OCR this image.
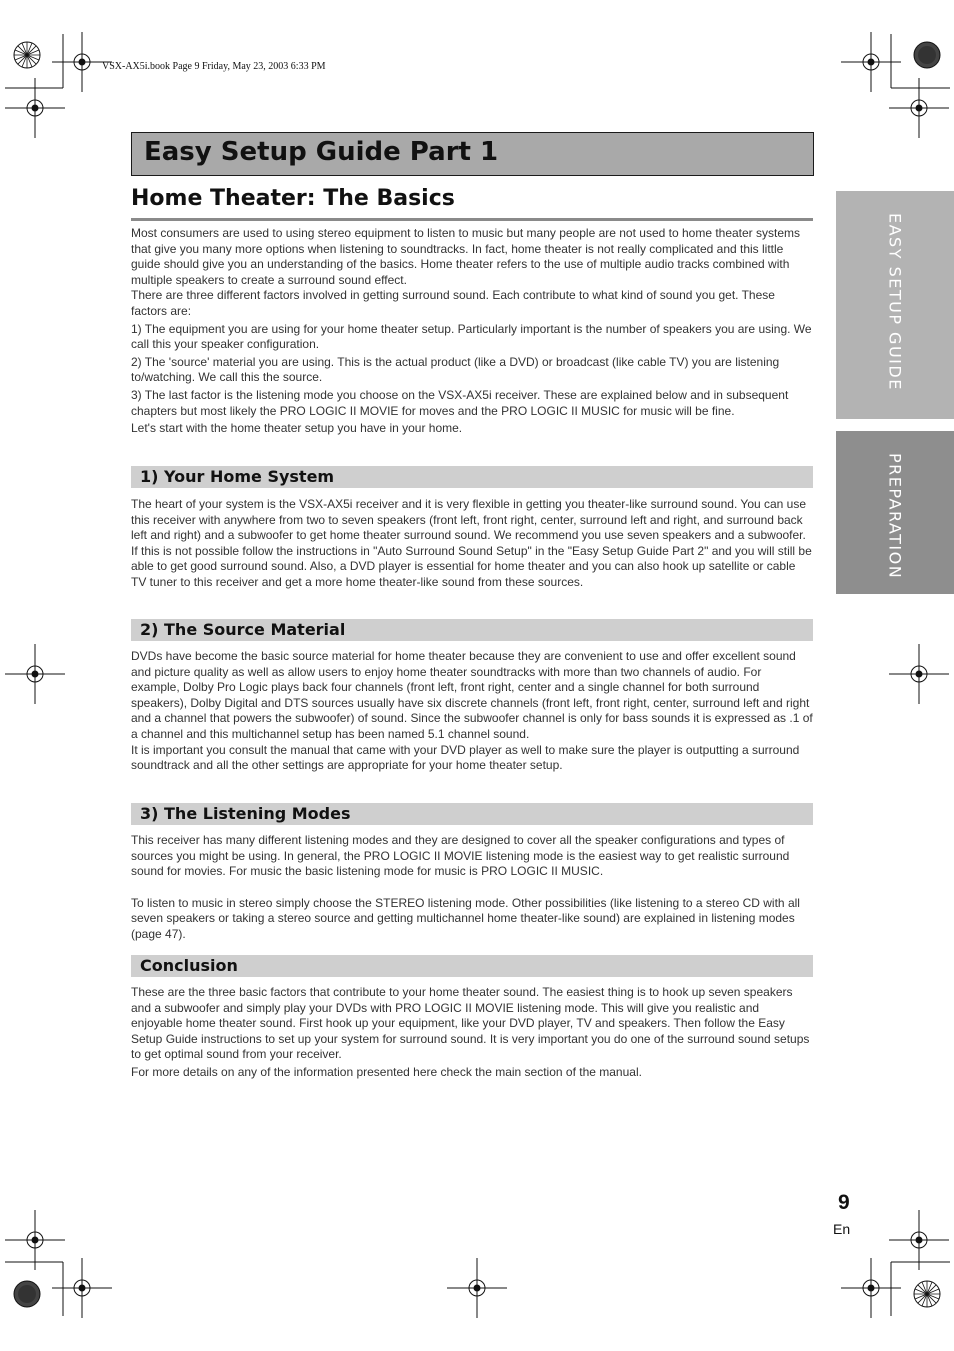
VSX-AX5i.book Page 9 Friday, May 23, 2003 6:33 PM
Easy Setup Guide Part 1
Home Theater: The Basics

Most consumers are used to using stereo equipment to listen to music but many people are not used to home theater systems that give you many more options when listening to soundtracks. In fact, home theater is not really complicated and this little guide should give you an understanding of the basics. Home theater refers to the use of multiple audio tracks combined with multiple speakers to create a surround sound effect.

There are three different factors involved in getting surround sound. Each contribute to what kind of sound you get. These factors are:

1) The equipment you are using for your home theater setup. Particularly important is the number of speakers you are using. We call this your speaker configuration.

2) The 'source' material you are using. This is the actual product (like a DVD) or broadcast (like cable TV) you are listening to/watching. We call this the source.

3) The last factor is the listening mode you choose on the VSX-AX5i receiver. These are explained below and in subsequent chapters but most likely the PRO LOGIC II MOVIE for moves and the PRO LOGIC II MUSIC for music will be fine.

Let's start with the home theater setup you have in your home.

1) Your Home System

The heart of your system is the VSX-AX5i receiver and it is very flexible in getting you theater-like surround sound. You can use this receiver with anywhere from two to seven speakers (front left, front right, center, surround left and right, and surround back left and right) and a subwoofer to get home theater surround sound. We recommend you use seven speakers and a subwoofer. If this is not possible follow the instructions in "Auto Surround Sound Setup" in the "Easy Setup Guide Part 2" and you will still be able to get good surround sound. Also, a DVD player is essential for home theater and you can also hook up satellite or cable TV tuner to this receiver and get a more home theater-like sound from these sources.

2) The Source Material

DVDs have become the basic source material for home theater because they are convenient to use and offer excellent sound and picture quality as well as allow users to enjoy home theater soundtracks with more than two channels of audio. For example, Dolby Pro Logic plays back four channels (front left, front right, center and a single channel for both surround speakers), Dolby Digital and DTS sources usually have six discrete channels (front left, front right, center, surround left and right and a channel that powers the subwoofer) of sound. Since the subwoofer channel is only for bass sounds it is expressed as .1 of a channel and this multichannel setup has been named 5.1 channel sound.

It is important you consult the manual that came with your DVD player as well to make sure the player is outputting a surround soundtrack and all the other settings are appropriate for your home theater setup.

3) The Listening Modes

This receiver has many different listening modes and they are designed to cover all the speaker configurations and types of sources you might be using. In general, the PRO LOGIC II MOVIE listening mode is the easiest way to get realistic surround sound for movies. For music the basic listening mode for music is PRO LOGIC II MUSIC.

To listen to music in stereo simply choose the STEREO listening mode. Other possibilities (like listening to a stereo CD with all seven speakers or taking a stereo source and getting multichannel home theater-like sound) are explained in listening modes (page 47).

Conclusion

These are the three basic factors that contribute to your home theater sound. The easiest thing is to hook up seven speakers and a subwoofer and simply play your DVDs with PRO LOGIC II MOVIE listening mode. This will give you realistic and enjoyable home theater sound. First hook up your equipment, like your DVD player, TV and speakers. Then follow the Easy Setup Guide instructions to set up your system for surround sound. It is very important you do one of the surround sound setups to get optimal sound from your receiver.

For more details on any of the information presented here check the main section of the manual.

EASY SETUP GUIDE
PREPARATION
9
En
